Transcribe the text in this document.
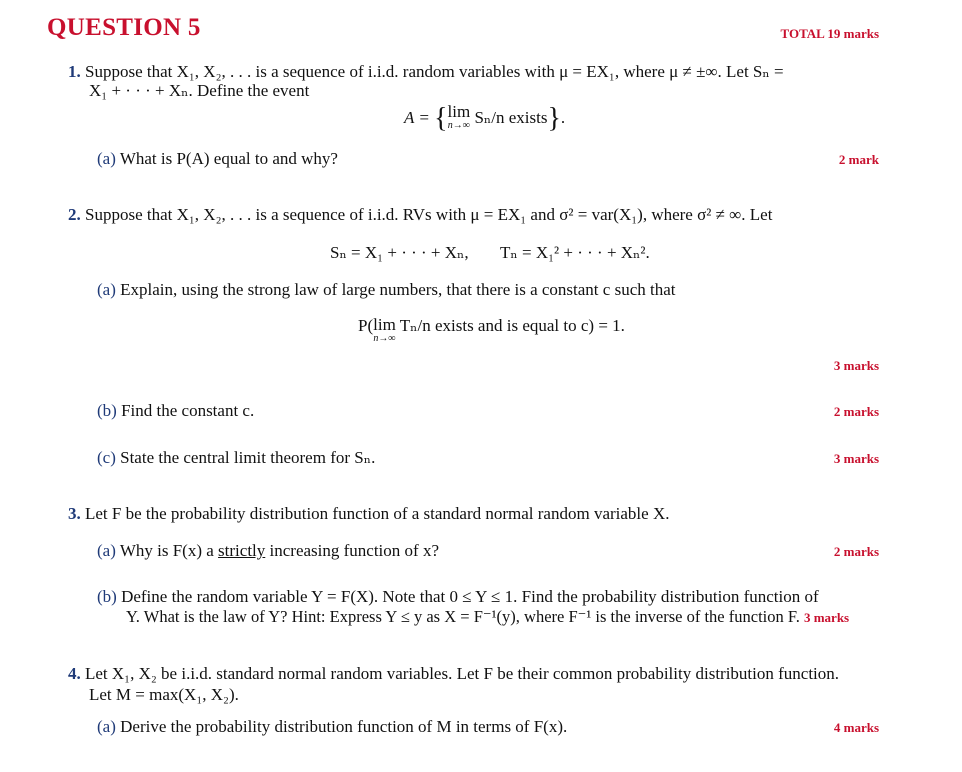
QUESTION 5	TOTAL 19 marks
1. Suppose that X₁, X₂, . . . is a sequence of i.i.d. random variables with μ = EX₁, where μ ≠ ±∞. Let Sₙ =
X₁ + · · · + Xₙ. Define the event
A = { lim
n→∞ Sₙ/n exists}.
(a) What is P(A) equal to and why?	2 mark
2. Suppose that X₁, X₂, . . . is a sequence of i.i.d. RVs with μ = EX₁ and σ² = var(X₁), where σ² ≠ ∞. Let
Sₙ = X₁ + · · · + Xₙ, Tₙ = X₁² + · · · + Xₙ².
(a) Explain, using the strong law of large numbers, that there is a constant c such that
P( lim
n→∞
Tₙ/n exists and is equal to c) = 1.
3 marks
(b) Find the constant c.	2 marks
(c) State the central limit theorem for Sₙ.	3 marks
3. Let F be the probability distribution function of a standard normal random variable X.
(a) Why is F(x) a strictly increasing function of x?	2 marks
(b) Define the random variable Y = F(X). Note that 0 ≤ Y ≤ 1. Find the probability distribution function of
Y. What is the law of Y? Hint: Express Y ≤ y as X = F⁻¹(y), where F⁻¹ is the inverse of the function F. 3 marks
4. Let X₁, X₂ be i.i.d. standard normal random variables. Let F be their common probability distribution function.
Let M = max(X₁, X₂).
(a) Derive the probability distribution function of M in terms of F(x).	4 marks
